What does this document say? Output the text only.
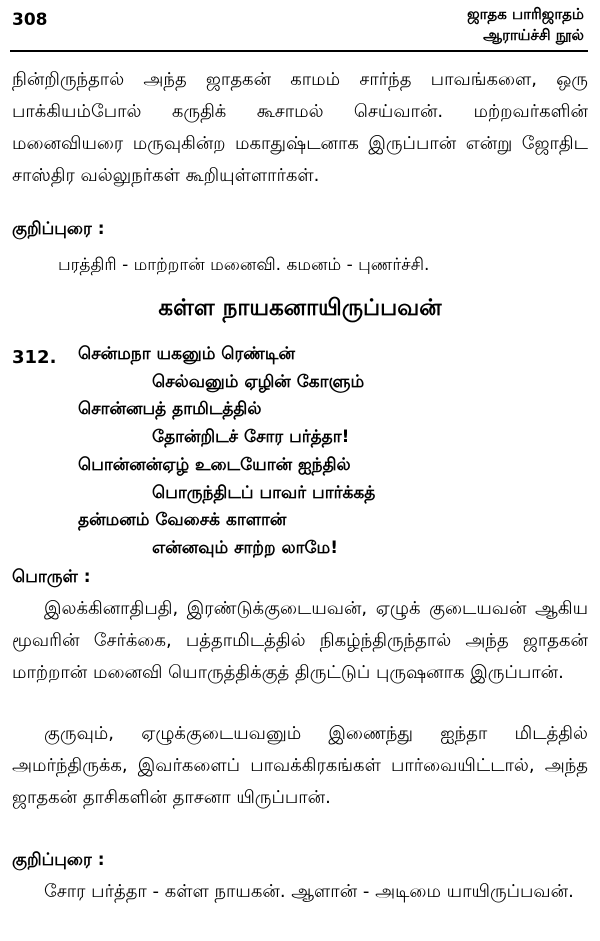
308	ஜாதக பாரிஜாதம்
ஆராய்ச்சி நூல்

நின்றிருந்தால் அந்த ஜாதகன் காமம் சார்ந்த பாவங்களை, ஒரு பாக்கியம்போல் கருதிக் கூசாமல் செய்வான். மற்றவர்களின் மனைவியரை மருவுகின்ற மகாதுஷ்டனாக இருப்பான் என்று ஜோதிட சாஸ்திர வல்லுநர்கள் கூறியுள்ளார்கள்.

குறிப்புரை :
பரத்திரி - மாற்றான் மனைவி. கமனம் - புணர்ச்சி.
கள்ள நாயகனாயிருப்பவன்
312. சென்மநா யகனும் ரெண்டின்
செல்வனும் ஏழின் கோளும்
சொன்னபத் தாமிடத்தில்
தோன்றிடச் சோர பர்த்தா!
பொன்னன்ஏழ் உடையோன் ஐந்தில்
பொருந்திடப் பாவர் பார்க்கத்
தன்மனம் வேசைக் காளான்
என்னவும் சாற்ற லாமே!
பொருள் :

இலக்கினாதிபதி, இரண்டுக்குடையவன், ஏழுக் குடையவன் ஆகிய மூவரின் சேர்க்கை, பத்தாமிடத்தில் நிகழ்ந்திருந்தால் அந்த ஜாதகன் மாற்றான் மனைவி யொருத்திக்குத் திருட்டுப் புருஷனாக இருப்பான்.

குருவும், ஏழுக்குடையவனும் இணைந்து ஐந்தா மிடத்தில் அமர்ந்திருக்க, இவர்களைப் பாவக்கிரகங்கள் பார்வையிட்டால், அந்த ஜாதகன் தாசிகளின் தாசனா யிருப்பான்.

குறிப்புரை :

சோர பர்த்தா - கள்ள நாயகன். ஆளான் - அடிமை யாயிருப்பவன்.
